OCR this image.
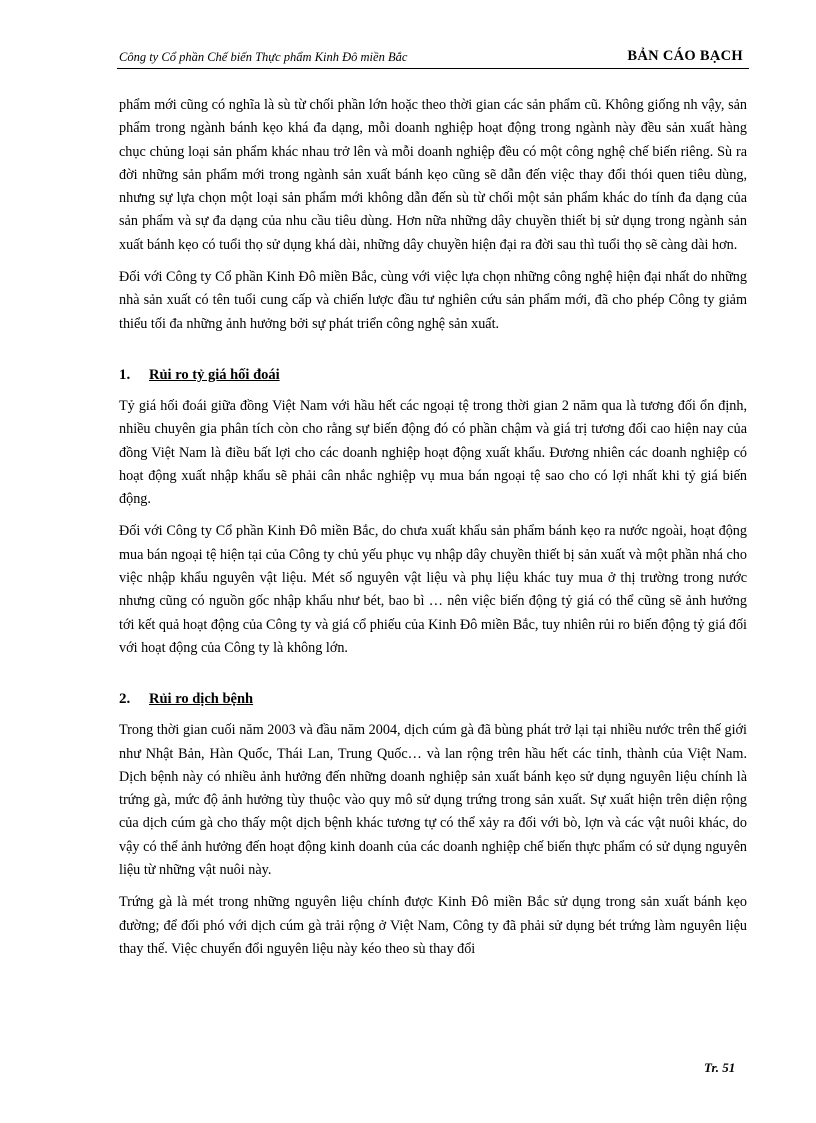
Công ty Cổ phần Chế biến Thực phẩm Kinh Đô miền Bắc	BẢN CÁO BẠCH

phẩm mới cũng có nghĩa là sù từ chối phần lớn hoặc theo thời gian các sản phẩm cũ. Không giống nh vậy, sản phẩm trong ngành bánh kẹo khá đa dạng, mỗi doanh nghiệp hoạt động trong ngành này đều sản xuất hàng chục chủng loại sản phẩm khác nhau trở lên và mỗi doanh nghiệp đều có một công nghệ chế biến riêng. Sù ra đời những sản phẩm mới trong ngành sản xuất bánh kẹo cũng sẽ dẫn đến việc thay đổi thói quen tiêu dùng, nhưng sự lựa chọn một loại sản phẩm mới không dẫn đến sù từ chối một sản phẩm khác do tính đa dạng của sản phẩm và sự đa dạng của nhu cầu tiêu dùng. Hơn nữa những dây chuyền thiết bị sử dụng trong ngành sản xuất bánh kẹo có tuổi thọ sử dụng khá dài, những dây chuyền hiện đại ra đời sau thì tuổi thọ sẽ càng dài hơn.

Đối với Công ty Cổ phần Kinh Đô miền Bắc, cùng với việc lựa chọn những công nghệ hiện đại nhất do những nhà sản xuất có tên tuổi cung cấp và chiến lược đầu tư nghiên cứu sản phẩm mới, đã cho phép Công ty giảm thiểu tối đa những ảnh hưởng bởi sự phát triển công nghệ sản xuất.

1. Rủi ro tỷ giá hối đoái

Tỷ giá hối đoái giữa đồng Việt Nam với hầu hết các ngoại tệ trong thời gian 2 năm qua là tương đối ổn định, nhiều chuyên gia phân tích còn cho rằng sự biến động đó có phần chậm và giá trị tương đối cao hiện nay của đồng Việt Nam là điều bất lợi cho các doanh nghiệp hoạt động xuất khẩu. Đương nhiên các doanh nghiệp có hoạt động xuất nhập khẩu sẽ phải cân nhắc nghiệp vụ mua bán ngoại tệ sao cho có lợi nhất khi tỷ giá biến động.

Đối với Công ty Cổ phần Kinh Đô miền Bắc, do chưa xuất khẩu sản phẩm bánh kẹo ra nước ngoài, hoạt động mua bán ngoại tệ hiện tại của Công ty chủ yếu phục vụ nhập dây chuyền thiết bị sản xuất và một phần nhá cho việc nhập khẩu nguyên vật liệu. Mét số nguyên vật liệu và phụ liệu khác tuy mua ở thị trường trong nước nhưng cũng có nguồn gốc nhập khẩu như bét, bao bì … nên việc biến động tỷ giá có thể cũng sẽ ảnh hưởng tới kết quả hoạt động của Công ty và giá cổ phiếu của Kinh Đô miền Bắc, tuy nhiên rủi ro biến động tỷ giá đối với hoạt động của Công ty là không lớn.

2. Rủi ro dịch bệnh

Trong thời gian cuối năm 2003 và đầu năm 2004, dịch cúm gà đã bùng phát trở lại tại nhiều nước trên thế giới như Nhật Bản, Hàn Quốc, Thái Lan, Trung Quốc… và lan rộng trên hầu hết các tỉnh, thành của Việt Nam. Dịch bệnh này có nhiều ảnh hưởng đến những doanh nghiệp sản xuất bánh kẹo sử dụng nguyên liệu chính là trứng gà, mức độ ảnh hưởng tùy thuộc vào quy mô sử dụng trứng trong sản xuất. Sự xuất hiện trên diện rộng của dịch cúm gà cho thấy một dịch bệnh khác tương tự có thể xảy ra đối với bò, lợn và các vật nuôi khác, do vậy có thể ảnh hưởng đến hoạt động kinh doanh của các doanh nghiệp chế biến thực phẩm có sử dụng nguyên liệu từ những vật nuôi này.

Trứng gà là mét trong những nguyên liệu chính được Kinh Đô miền Bắc sử dụng trong sản xuất bánh kẹo đường; để đối phó với dịch cúm gà trải rộng ở Việt Nam, Công ty đã phải sử dụng bét trứng làm nguyên liệu thay thế. Việc chuyển đổi nguyên liệu này kéo theo sù thay đổi

Tr. 51
